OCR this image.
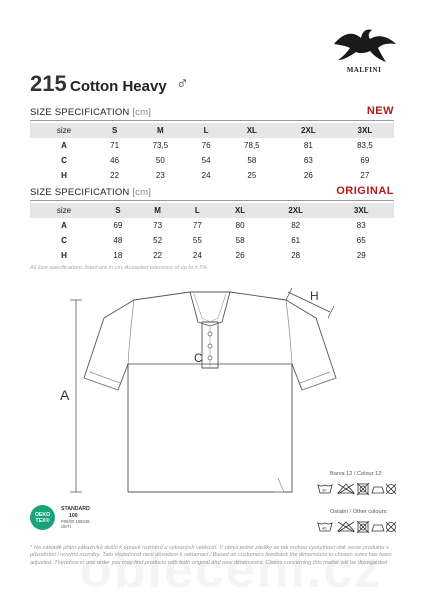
MALFINI
215 Cotton Heavy ♂
SIZE SPECIFICATION [cm]	NEW
size	S	M	L	XL	2XL	3XL
A	71	73,5	76	78,5	81	83,5
C	46	50	54	58	63	69
H	22	23	24	25	26	27
SIZE SPECIFICATION [cm]	ORIGINAL
size	S	M	L	XL	2XL	3XL
A	69	73	77	80	82	83
C	48	52	55	58	61	65
H	18	22	24	26	28	29
All size specifications listed are in cm. Accepted tolerance of up to ± 5%
A
C
H
Barva 12 / Colour 12:
30
Ostatní / Other colours:
40
OEKO TEX®
STANDARD
100
P08/00 155349
OETI
* Na základě přání zákazníků došlo k úpravě rozměrů u vybraných velikostí. V rámci jedné zásilky se tak mohou vyskytnout obě verze produktu s původními i novými rozměry. Tato skutečnost není důvodem k reklamaci / Based on customers feedback the dimensions in chosen sizes has been adjusted. Therefore in one order you may find products with both original and new dimensions. Claims concerning this matter will be disregarded
